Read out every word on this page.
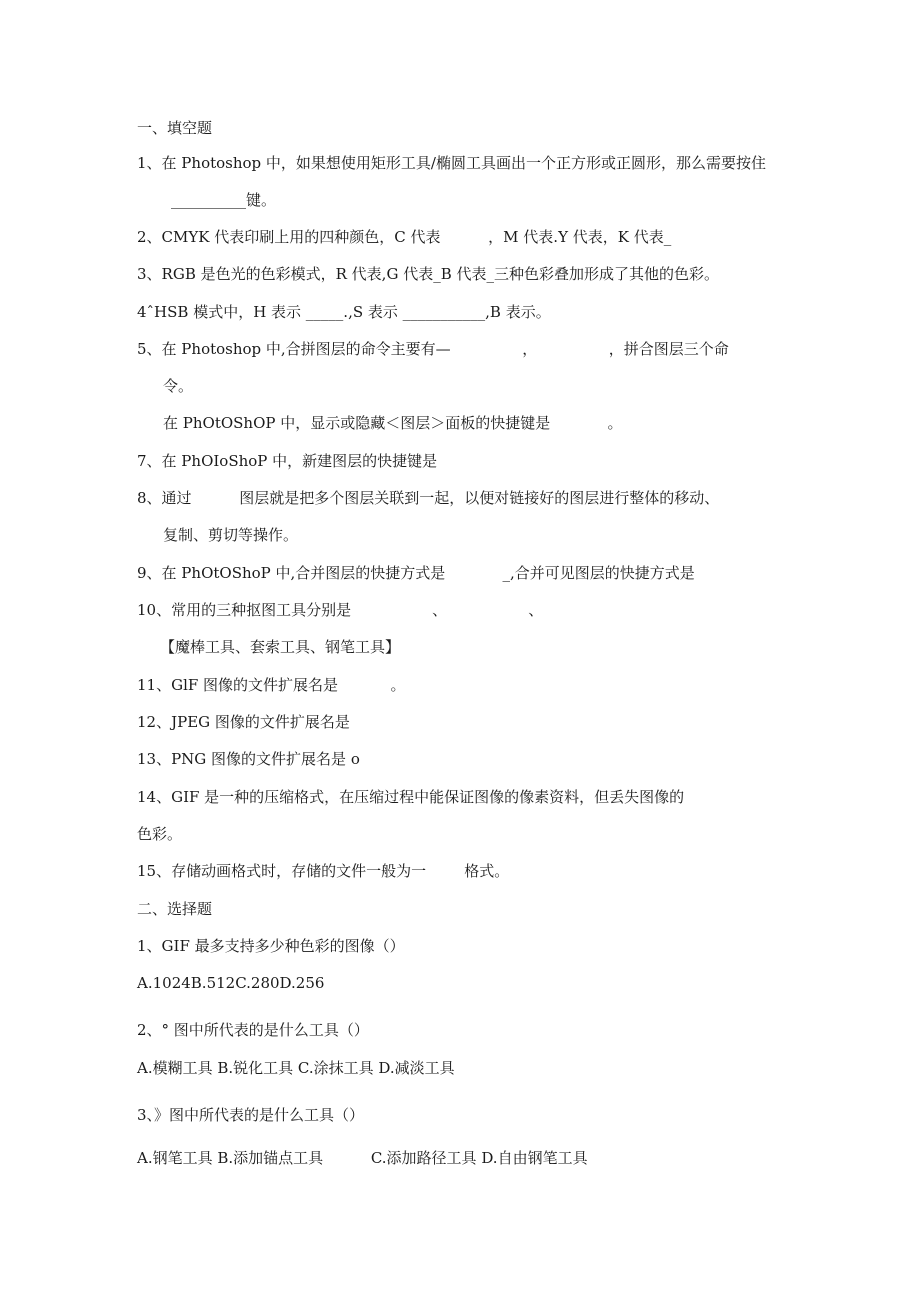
一、填空题
1、在 Photoshop 中，如果想使用矩形工具/椭圆工具画出一个正方形或正圆形，那么需要按住
__________键。
2、CMYK 代表印刷上用的四种颜色，C 代表          ，M 代表.Y 代表，K 代表_
3、RGB 是色光的色彩模式，R 代表,G 代表_B 代表_三种色彩叠加形成了其他的色彩。
4ˆHSB 模式中，H 表示 _____.,S 表示 ___________,B 表示。
5、在 Photoshop 中,合拼图层的命令主要有—               ，               ，拼合图层三个命
令。
在 PhOtOShOP 中，显示或隐藏＜图层＞面板的快捷键是            。
7、在 PhOIoShoP 中，新建图层的快捷键是
8、通过          图层就是把多个图层关联到一起，以便对链接好的图层进行整体的移动、
复制、剪切等操作。
9、在 PhOtOShoP 中,合并图层的快捷方式是            _,合并可见图层的快捷方式是
10、常用的三种抠图工具分别是                 、                 、
【魔棒工具、套索工具、钢笔工具】
11、GlF 图像的文件扩展名是           。
12、JPEG 图像的文件扩展名是
13、PNG 图像的文件扩展名是 o
14、GIF 是一种的压缩格式，在压缩过程中能保证图像的像素资料，但丢失图像的
色彩。
15、存储动画格式时，存储的文件一般为一        格式。
二、选择题
1、GIF 最多支持多少种色彩的图像（）
A.1024B.512C.280D.256
2、° 图中所代表的是什么工具（）
A.模糊工具 B.锐化工具 C.涂抹工具 D.减淡工具
3、》图中所代表的是什么工具（）
A.钢笔工具 B.添加锚点工具          C.添加路径工具 D.自由钢笔工具
